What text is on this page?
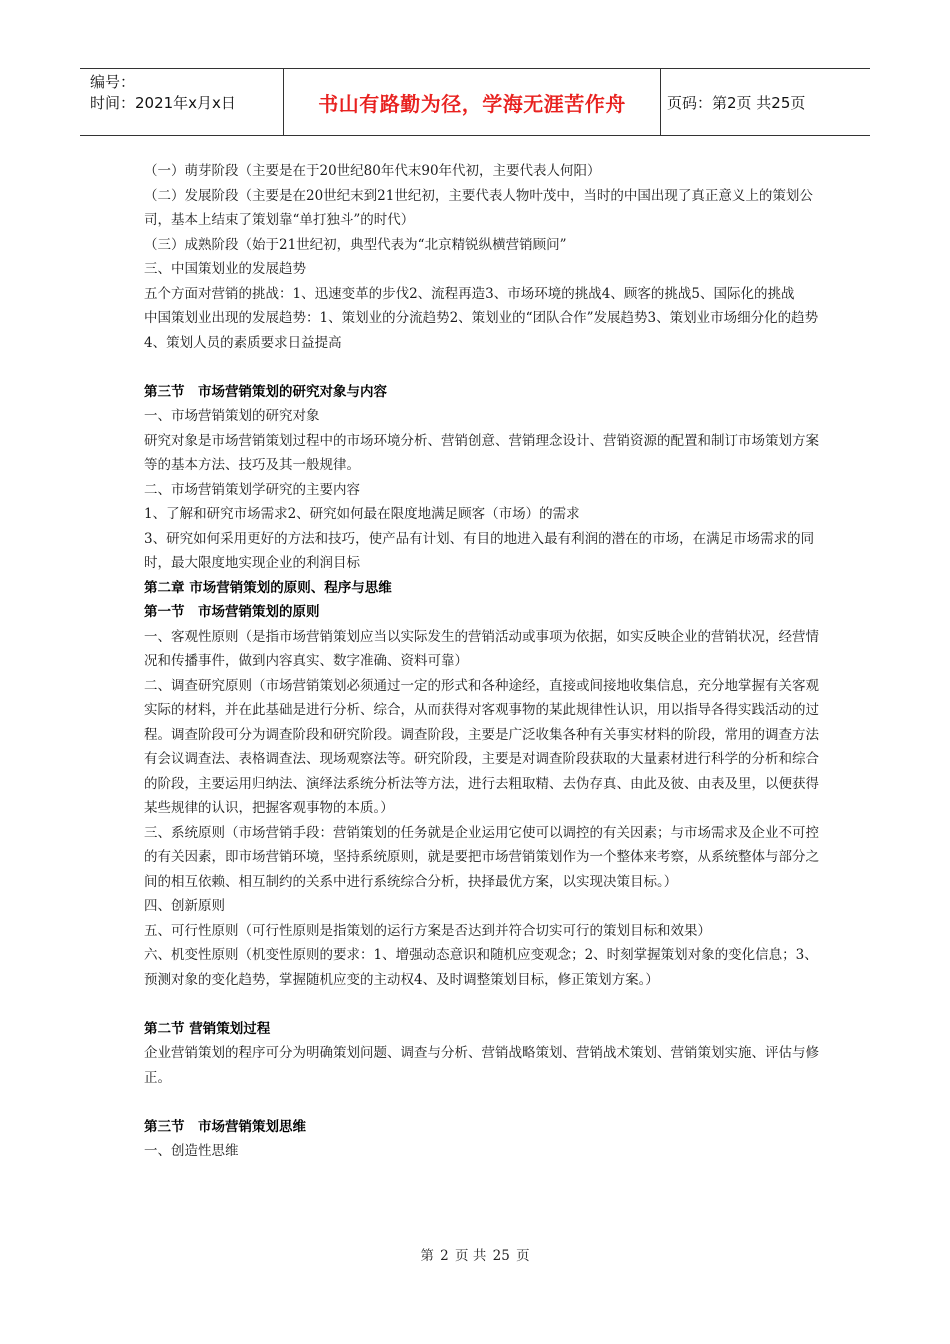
编号：
时间：2021年x月x日	书山有路勤为径，学海无涯苦作舟	页码：第2页 共25页

（一）萌芽阶段（主要是在于20世纪80年代末90年代初，主要代表人何阳）

（二）发展阶段（主要是在20世纪末到21世纪初，主要代表人物叶茂中，当时的中国出现了真正意义上的策划公司，基本上结束了策划靠“单打独斗”的时代）

（三）成熟阶段（始于21世纪初，典型代表为“北京精锐纵横营销顾问”

三、中国策划业的发展趋势

五个方面对营销的挑战：1、迅速变革的步伐2、流程再造3、市场环境的挑战4、顾客的挑战5、国际化的挑战

中国策划业出现的发展趋势：1、策划业的分流趋势2、策划业的“团队合作”发展趋势3、策划业市场细分化的趋势4、策划人员的素质要求日益提高

第三节　市场营销策划的研究对象与内容

一、市场营销策划的研究对象

研究对象是市场营销策划过程中的市场环境分析、营销创意、营销理念设计、营销资源的配置和制订市场策划方案等的基本方法、技巧及其一般规律。

二、市场营销策划学研究的主要内容

1、了解和研究市场需求2、研究如何最在限度地满足顾客（市场）的需求

3、研究如何采用更好的方法和技巧，使产品有计划、有目的地进入最有利润的潜在的市场，在满足市场需求的同时，最大限度地实现企业的利润目标

第二章 市场营销策划的原则、程序与思维

第一节　市场营销策划的原则

一、客观性原则（是指市场营销策划应当以实际发生的营销活动或事项为依据，如实反映企业的营销状况，经营情况和传播事件，做到内容真实、数字准确、资料可靠）

二、调查研究原则（市场营销策划必须通过一定的形式和各种途经，直接或间接地收集信息，充分地掌握有关客观实际的材料，并在此基础是进行分析、综合，从而获得对客观事物的某此规律性认识，用以指导各得实践活动的过程。调查阶段可分为调查阶段和研究阶段。调查阶段，主要是广泛收集各种有关事实材料的阶段，常用的调查方法有会议调查法、表格调查法、现场观察法等。研究阶段，主要是对调查阶段获取的大量素材进行科学的分析和综合的阶段，主要运用归纳法、演绎法系统分析法等方法，进行去粗取精、去伪存真、由此及彼、由表及里，以便获得某些规律的认识，把握客观事物的本质。）

三、系统原则（市场营销手段：营销策划的任务就是企业运用它使可以调控的有关因素；与市场需求及企业不可控的有关因素，即市场营销环境，坚持系统原则，就是要把市场营销策划作为一个整体来考察，从系统整体与部分之间的相互依赖、相互制约的关系中进行系统综合分析，抉择最优方案，以实现决策目标。）

四、创新原则

五、可行性原则（可行性原则是指策划的运行方案是否达到并符合切实可行的策划目标和效果）

六、机变性原则（机变性原则的要求：1、增强动态意识和随机应变观念；2、时刻掌握策划对象的变化信息；3、预测对象的变化趋势，掌握随机应变的主动权4、及时调整策划目标，修正策划方案。）

第二节 营销策划过程

企业营销策划的程序可分为明确策划问题、调查与分析、营销战略策划、营销战术策划、营销策划实施、评估与修正。

第三节　市场营销策划思维

一、创造性思维

第 2 页 共 25 页
